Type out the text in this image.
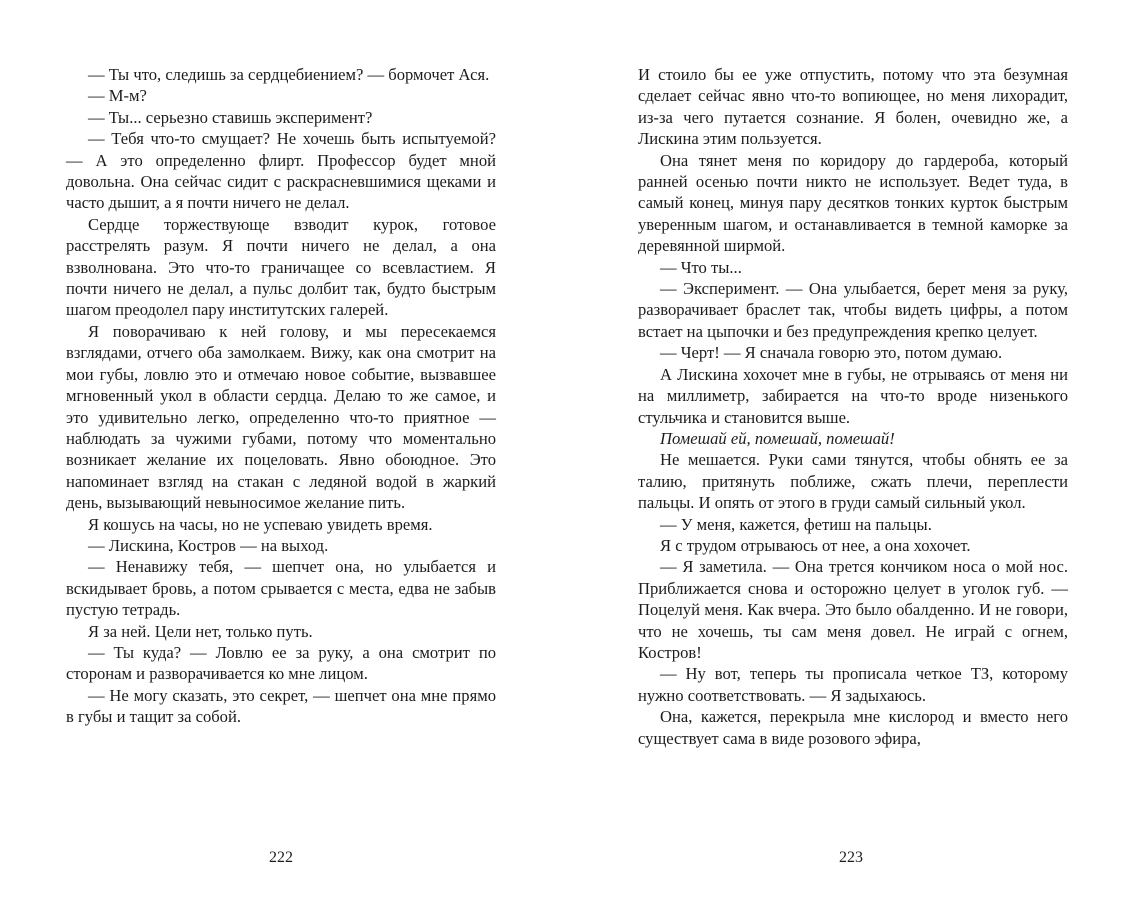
— Ты что, следишь за сердцебиением? — бормочет Ася.

— М-м?

— Ты... серьезно ставишь эксперимент?

— Тебя что-то смущает? Не хочешь быть испытуемой? — А это определенно флирт. Профессор будет мной довольна. Она сейчас сидит с раскрасневшимися щеками и часто дышит, а я почти ничего не делал.

Сердце торжествующе взводит курок, готовое расстрелять разум. Я почти ничего не делал, а она взволнована. Это что-то граничащее со всевластием. Я почти ничего не делал, а пульс долбит так, будто быстрым шагом преодолел пару институтских галерей.

Я поворачиваю к ней голову, и мы пересекаемся взглядами, отчего оба замолкаем. Вижу, как она смотрит на мои губы, ловлю это и отмечаю новое событие, вызвавшее мгновенный укол в области сердца. Делаю то же самое, и это удивительно легко, определенно что-то приятное — наблюдать за чужими губами, потому что моментально возникает желание их поцеловать. Явно обоюдное. Это напоминает взгляд на стакан с ледяной водой в жаркий день, вызывающий невыносимое желание пить.

Я кошусь на часы, но не успеваю увидеть время.

— Лискина, Костров — на выход.

— Ненавижу тебя, — шепчет она, но улыбается и вскидывает бровь, а потом срывается с места, едва не забыв пустую тетрадь.

Я за ней. Цели нет, только путь.

— Ты куда? — Ловлю ее за руку, а она смотрит по сторонам и разворачивается ко мне лицом.

— Не могу сказать, это секрет, — шепчет она мне прямо в губы и тащит за собой.

И стоило бы ее уже отпустить, потому что эта безумная сделает сейчас явно что-то вопиющее, но меня лихорадит, из-за чего путается сознание. Я болен, очевидно же, а Лискина этим пользуется.

Она тянет меня по коридору до гардероба, который ранней осенью почти никто не использует. Ведет туда, в самый конец, минуя пару десятков тонких курток быстрым уверенным шагом, и останавливается в темной каморке за деревянной ширмой.

— Что ты...

— Эксперимент. — Она улыбается, берет меня за руку, разворачивает браслет так, чтобы видеть цифры, а потом встает на цыпочки и без предупреждения крепко целует.

— Черт! — Я сначала говорю это, потом думаю.

А Лискина хохочет мне в губы, не отрываясь от меня ни на миллиметр, забирается на что-то вроде низенького стульчика и становится выше.

Помешай ей, помешай, помешай!

Не мешается. Руки сами тянутся, чтобы обнять ее за талию, притянуть поближе, сжать плечи, переплести пальцы. И опять от этого в груди самый сильный укол.

— У меня, кажется, фетиш на пальцы.

Я с трудом отрываюсь от нее, а она хохочет.

— Я заметила. — Она трется кончиком носа о мой нос. Приближается снова и осторожно целует в уголок губ. — Поцелуй меня. Как вчера. Это было обалденно. И не говори, что не хочешь, ты сам меня довел. Не играй с огнем, Костров!

— Ну вот, теперь ты прописала четкое ТЗ, которому нужно соответствовать. — Я задыхаюсь.

Она, кажется, перекрыла мне кислород и вместо него существует сама в виде розового эфира,

222	223
